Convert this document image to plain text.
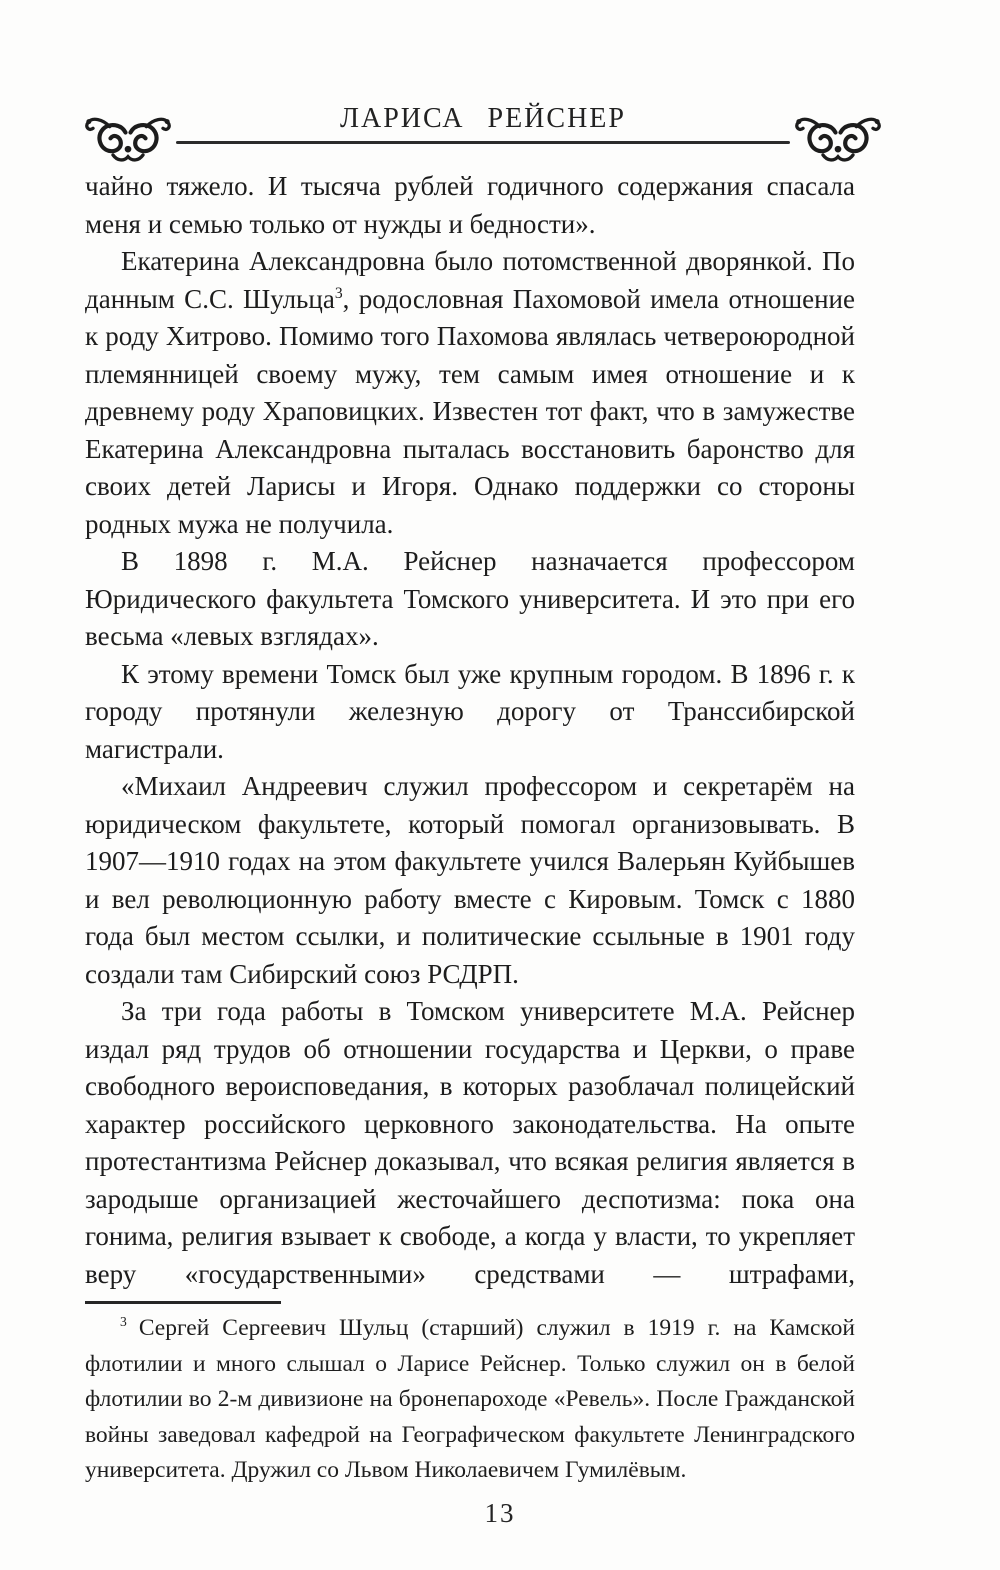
ЛАРИСА РЕЙСНЕР

чайно тяжело. И тысяча рублей годичного содержания спасала меня и семью только от нужды и бедности».

Екатерина Александровна было потомственной дворянкой. По данным С.С. Шульца$^3$, родословная Пахомовой имела отношение к роду Хитрово. Помимо того Пахомова являлась четвероюродной племянницей своему мужу, тем самым имея отношение и к древнему роду Храповицких. Известен тот факт, что в замужестве Екатерина Александровна пыталась восстановить баронство для своих детей Ларисы и Игоря. Однако поддержки со стороны родных мужа не получила.

В 1898 г. М.А. Рейснер назначается профессором Юридического факультета Томского университета. И это при его весьма «левых взглядах».

К этому времени Томск был уже крупным городом. В 1896 г. к городу протянули железную дорогу от Транссибирской магистрали.

«Михаил Андреевич служил профессором и секретарём на юридическом факультете, который помогал организовывать. В 1907—1910 годах на этом факультете учился Валерьян Куйбышев и вел революционную работу вместе с Кировым. Томск с 1880 года был местом ссылки, и политические ссыльные в 1901 году создали там Сибирский союз РСДРП.

За три года работы в Томском университете М.А. Рейснер издал ряд трудов об отношении государства и Церкви, о праве свободного вероисповедания, в которых разоблачал полицейский характер российского церковного законодательства. На опыте протестантизма Рейснер доказывал, что всякая религия является в зародыше организацией жесточайшего деспотизма: пока она гонима, религия взывает к свободе, а когда у власти, то укрепляет веру «государственными» средствами — штрафами,

$^3$ Сергей Сергеевич Шульц (старший) служил в 1919 г. на Камской флотилии и много слышал о Ларисе Рейснер. Только служил он в белой флотилии во 2-м дивизионе на бронепароходе «Ревель». После Гражданской войны заведовал кафедрой на Географическом факультете Ленинградского университета. Дружил со Львом Николаевичем Гумилёвым.

13
